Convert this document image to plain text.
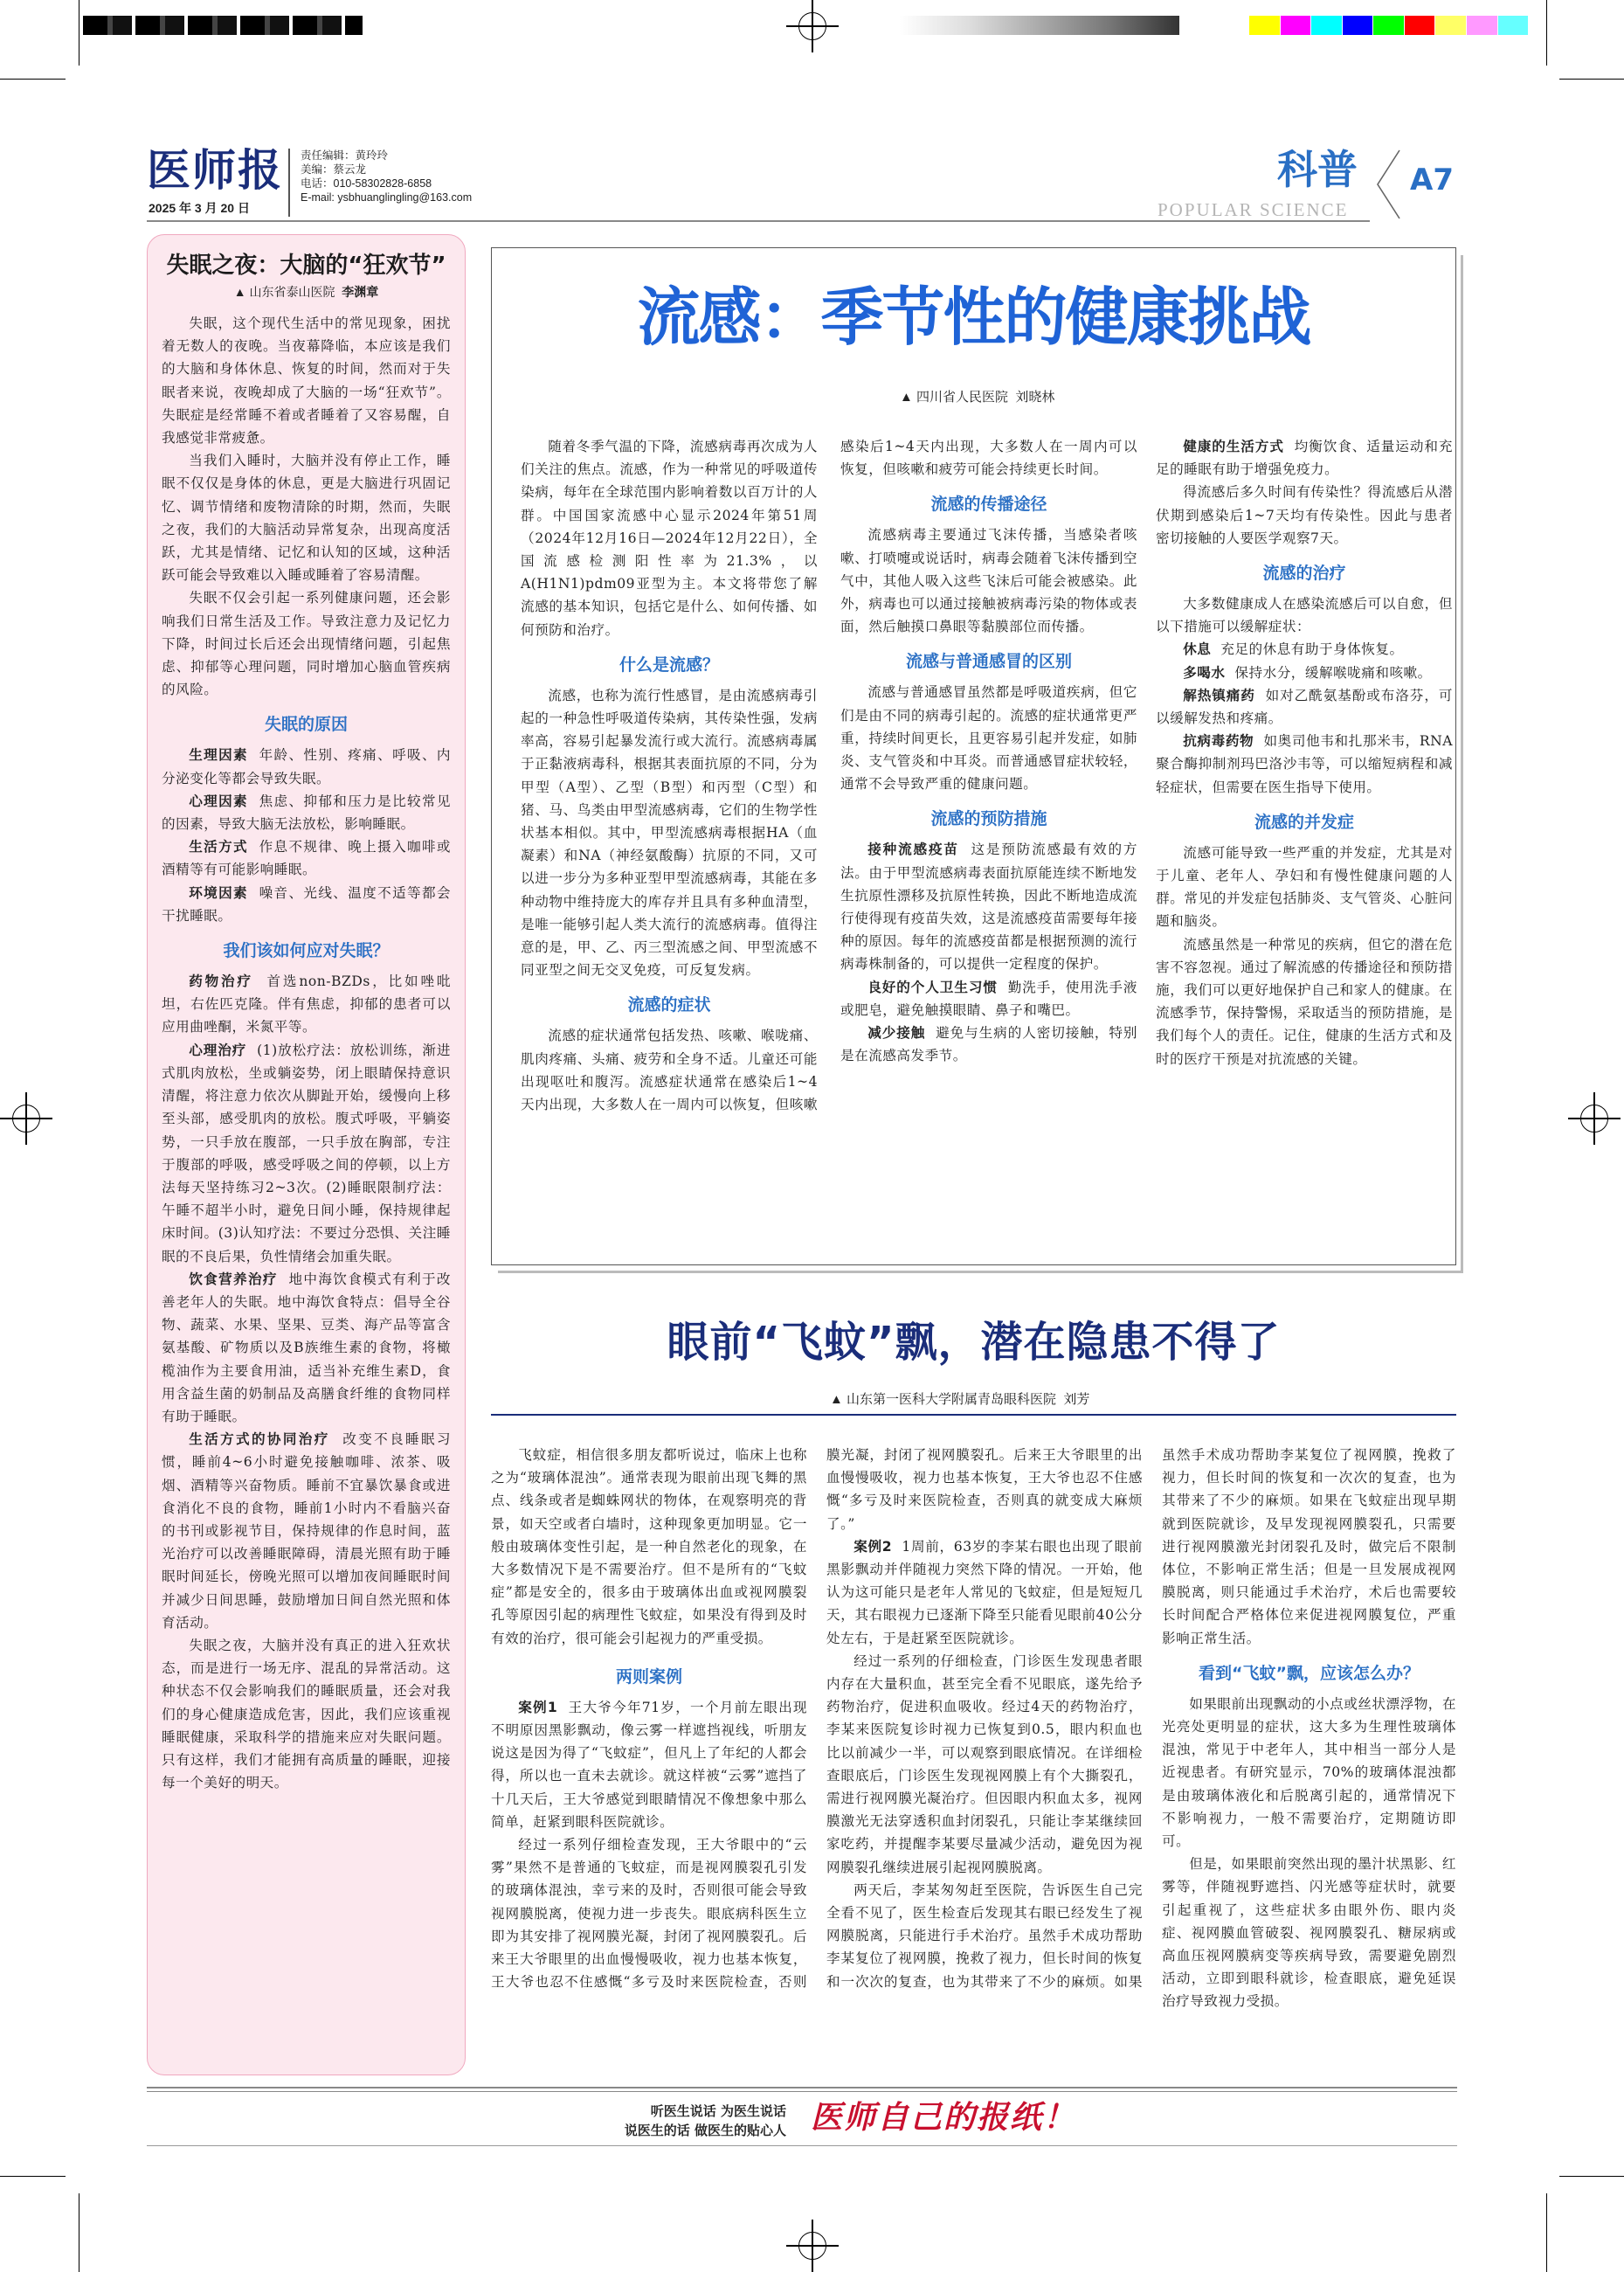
医师报
2025 年 3 月 20 日
责任编辑：黄玲玲
美编：蔡云龙
电话：010-58302828-6858
E-mail: ysbhuanglingling@163.com
科普
POPULAR SCIENCE
A7
失眠之夜：大脑的“狂欢节”
▲ 山东省泰山医院 李渊章

失眠，这个现代生活中的常见现象，困扰着无数人的夜晚。当夜幕降临，本应该是我们的大脑和身体休息、恢复的时间，然而对于失眠者来说，夜晚却成了大脑的一场“狂欢节”。失眠症是经常睡不着或者睡着了又容易醒，自我感觉非常疲惫。

当我们入睡时，大脑并没有停止工作，睡眠不仅仅是身体的休息，更是大脑进行巩固记忆、调节情绪和废物清除的时期，然而，失眠之夜，我们的大脑活动异常复杂，出现高度活跃，尤其是情绪、记忆和认知的区域，这种活跃可能会导致难以入睡或睡着了容易清醒。

失眠不仅会引起一系列健康问题，还会影响我们日常生活及工作。导致注意力及记忆力下降，时间过长后还会出现情绪问题，引起焦虑、抑郁等心理问题，同时增加心脑血管疾病的风险。

失眠的原因

生理因素 年龄、性别、疼痛、呼吸、内分泌变化等都会导致失眠。

心理因素 焦虑、抑郁和压力是比较常见的因素，导致大脑无法放松，影响睡眠。

生活方式 作息不规律、晚上摄入咖啡或酒精等有可能影响睡眠。

环境因素 噪音、光线、温度不适等都会干扰睡眠。

我们该如何应对失眠？

药物治疗 首选non-BZDs，比如唑吡坦，右佐匹克隆。伴有焦虑，抑郁的患者可以应用曲唑酮，米氮平等。

心理治疗 (1)放松疗法：放松训练，渐进式肌肉放松，坐或躺姿势，闭上眼睛保持意识清醒，将注意力依次从脚趾开始，缓慢向上移至头部，感受肌肉的放松。腹式呼吸，平躺姿势，一只手放在腹部，一只手放在胸部，专注于腹部的呼吸，感受呼吸之间的停顿，以上方法每天坚持练习2~3次。(2)睡眠限制疗法：午睡不超半小时，避免日间小睡，保持规律起床时间。(3)认知疗法：不要过分恐惧、关注睡眠的不良后果，负性情绪会加重失眠。

饮食营养治疗 地中海饮食模式有利于改善老年人的失眠。地中海饮食特点：倡导全谷物、蔬菜、水果、坚果、豆类、海产品等富含氨基酸、矿物质以及B族维生素的食物，将橄榄油作为主要食用油，适当补充维生素D，食用含益生菌的奶制品及高膳食纤维的食物同样有助于睡眠。

生活方式的协同治疗 改变不良睡眠习惯，睡前4~6小时避免接触咖啡、浓茶、吸烟、酒精等兴奋物质。睡前不宜暴饮暴食或进食消化不良的食物，睡前1小时内不看脑兴奋的书刊或影视节目，保持规律的作息时间，蓝光治疗可以改善睡眠障碍，清晨光照有助于睡眠时间延长，傍晚光照可以增加夜间睡眠时间并减少日间思睡，鼓励增加日间自然光照和体育活动。

失眠之夜，大脑并没有真正的进入狂欢状态，而是进行一场无序、混乱的异常活动。这种状态不仅会影响我们的睡眠质量，还会对我们的身心健康造成危害，因此，我们应该重视睡眠健康，采取科学的措施来应对失眠问题。只有这样，我们才能拥有高质量的睡眠，迎接每一个美好的明天。

流感：季节性的健康挑战
▲ 四川省人民医院 刘晓林

随着冬季气温的下降，流感病毒再次成为人们关注的焦点。流感，作为一种常见的呼吸道传染病，每年在全球范围内影响着数以百万计的人群。中国国家流感中心显示2024年第51周（2024年12月16日—2024年12月22日），全国流感检测阳性率为21.3%，以A(H1N1)pdm09亚型为主。本文将带您了解流感的基本知识，包括它是什么、如何传播、如何预防和治疗。

什么是流感？

流感，也称为流行性感冒，是由流感病毒引起的一种急性呼吸道传染病，其传染性强，发病率高，容易引起暴发流行或大流行。流感病毒属于正黏液病毒科，根据其表面抗原的不同，分为甲型（A型）、乙型（B型）和丙型（C型）和猪、马、鸟类由甲型流感病毒，它们的生物学性状基本相似。其中，甲型流感病毒根据HA（血凝素）和NA（神经氨酸酶）抗原的不同，又可以进一步分为多种亚型甲型流感病毒，其能在多种动物中维持庞大的库存并且具有多种血清型，是唯一能够引起人类大流行的流感病毒。值得注意的是，甲、乙、丙三型流感之间、甲型流感不同亚型之间无交叉免疫，可反复发病。

流感的症状

流感的症状通常包括发热、咳嗽、喉咙痛、肌肉疼痛、头痛、疲劳和全身不适。儿童还可能出现呕吐和腹泻。流感症状通常在感染后1~4天内出现，大多数人在一周内可以恢复，但咳嗽

感染后1~4天内出现，大多数人在一周内可以恢复，但咳嗽和疲劳可能会持续更长时间。

流感的传播途径

流感病毒主要通过飞沫传播，当感染者咳嗽、打喷嚏或说话时，病毒会随着飞沫传播到空气中，其他人吸入这些飞沫后可能会被感染。此外，病毒也可以通过接触被病毒污染的物体或表面，然后触摸口鼻眼等黏膜部位而传播。

流感与普通感冒的区别

流感与普通感冒虽然都是呼吸道疾病，但它们是由不同的病毒引起的。流感的症状通常更严重，持续时间更长，且更容易引起并发症，如肺炎、支气管炎和中耳炎。而普通感冒症状较轻，通常不会导致严重的健康问题。

流感的预防措施

接种流感疫苗 这是预防流感最有效的方法。由于甲型流感病毒表面抗原能连续不断地发生抗原性漂移及抗原性转换，因此不断地造成流行使得现有疫苗失效，这是流感疫苗需要每年接种的原因。每年的流感疫苗都是根据预测的流行病毒株制备的，可以提供一定程度的保护。

良好的个人卫生习惯 勤洗手，使用洗手液或肥皂，避免触摸眼睛、鼻子和嘴巴。

减少接触 避免与生病的人密切接触，特别是在流感高发季节。

健康的生活方式 均衡饮食、适量运动和充足的睡眠有助于增强免疫力。

得流感后多久时间有传染性？得流感后从潜伏期到感染后1~7天均有传染性。因此与患者密切接触的人要医学观察7天。

流感的治疗

大多数健康成人在感染流感后可以自愈，但以下措施可以缓解症状：

休息 充足的休息有助于身体恢复。

多喝水 保持水分，缓解喉咙痛和咳嗽。

解热镇痛药 如对乙酰氨基酚或布洛芬，可以缓解发热和疼痛。

抗病毒药物 如奥司他韦和扎那米韦，RNA聚合酶抑制剂玛巴洛沙韦等，可以缩短病程和减轻症状，但需要在医生指导下使用。

流感的并发症

流感可能导致一些严重的并发症，尤其是对于儿童、老年人、孕妇和有慢性健康问题的人群。常见的并发症包括肺炎、支气管炎、心脏问题和脑炎。

流感虽然是一种常见的疾病，但它的潜在危害不容忽视。通过了解流感的传播途径和预防措施，我们可以更好地保护自己和家人的健康。在流感季节，保持警惕，采取适当的预防措施，是我们每个人的责任。记住，健康的生活方式和及时的医疗干预是对抗流感的关键。

眼前“飞蚊”飘，潜在隐患不得了
▲ 山东第一医科大学附属青岛眼科医院 刘芳

飞蚊症，相信很多朋友都听说过，临床上也称之为“玻璃体混浊”。通常表现为眼前出现飞舞的黑点、线条或者是蜘蛛网状的物体，在观察明亮的背景，如天空或者白墙时，这种现象更加明显。它一般由玻璃体变性引起，是一种自然老化的现象，在大多数情况下是不需要治疗。但不是所有的“飞蚊症”都是安全的，很多由于玻璃体出血或视网膜裂孔等原因引起的病理性飞蚊症，如果没有得到及时有效的治疗，很可能会引起视力的严重受损。

两则案例

案例1 王大爷今年71岁，一个月前左眼出现不明原因黑影飘动，像云雾一样遮挡视线，听朋友说这是因为得了“飞蚊症”，但凡上了年纪的人都会得，所以也一直未去就诊。就这样被“云雾”遮挡了十几天后，王大爷感觉到眼睛情况不像想象中那么简单，赶紧到眼科医院就诊。

经过一系列仔细检查发现，王大爷眼中的“云雾”果然不是普通的飞蚊症，而是视网膜裂孔引发的玻璃体混浊，幸亏来的及时，否则很可能会导致视网膜脱离，使视力进一步丧失。眼底病科医生立即为其安排了视网膜光凝，封闭了视网膜裂孔。后来王大爷眼里的出血慢慢吸收，视力也基本恢复，王大爷也忍不住感慨“多亏及时来医院检查，否则

膜光凝，封闭了视网膜裂孔。后来王大爷眼里的出血慢慢吸收，视力也基本恢复，王大爷也忍不住感慨“多亏及时来医院检查，否则真的就变成大麻烦了。”

案例2 1周前，63岁的李某右眼也出现了眼前黑影飘动并伴随视力突然下降的情况。一开始，他认为这可能只是老年人常见的飞蚊症，但是短短几天，其右眼视力已逐渐下降至只能看见眼前40公分处左右，于是赶紧至医院就诊。

经过一系列的仔细检查，门诊医生发现患者眼内存在大量积血，甚至完全看不见眼底，遂先给予药物治疗，促进积血吸收。经过4天的药物治疗，李某来医院复诊时视力已恢复到0.5，眼内积血也比以前减少一半，可以观察到眼底情况。在详细检查眼底后，门诊医生发现视网膜上有个大撕裂孔，需进行视网膜光凝治疗。但因眼内积血太多，视网膜激光无法穿透积血封闭裂孔，只能让李某继续回家吃药，并提醒李某要尽量减少活动，避免因为视网膜裂孔继续进展引起视网膜脱离。

两天后，李某匆匆赶至医院，告诉医生自己完全看不见了，医生检查后发现其右眼已经发生了视网膜脱离，只能进行手术治疗。虽然手术成功帮助李某复位了视网膜，挽救了视力，但长时间的恢复和一次次的复查，也为其带来了不少的麻烦。如果

虽然手术成功帮助李某复位了视网膜，挽救了视力，但长时间的恢复和一次次的复查，也为其带来了不少的麻烦。如果在飞蚊症出现早期就到医院就诊，及早发现视网膜裂孔，只需要进行视网膜激光封闭裂孔及时，做完后不限制体位，不影响正常生活；但是一旦发展成视网膜脱离，则只能通过手术治疗，术后也需要较长时间配合严格体位来促进视网膜复位，严重影响正常生活。

看到“飞蚊”飘，应该怎么办？

如果眼前出现飘动的小点或丝状漂浮物，在光亮处更明显的症状，这大多为生理性玻璃体混浊，常见于中老年人，其中相当一部分人是近视患者。有研究显示，70%的玻璃体混浊都是由玻璃体液化和后脱离引起的，通常情况下不影响视力，一般不需要治疗，定期随访即可。

但是，如果眼前突然出现的墨汁状黑影、红雾等，伴随视野遮挡、闪光感等症状时，就要引起重视了，这些症状多由眼外伤、眼内炎症、视网膜血管破裂、视网膜裂孔、糖尿病或高血压视网膜病变等疾病导致，需要避免剧烈活动，立即到眼科就诊，检查眼底，避免延误治疗导致视力受损。

听医生说话 为医生说话
说医生的话 做医生的贴心人 医师自己的报纸！
